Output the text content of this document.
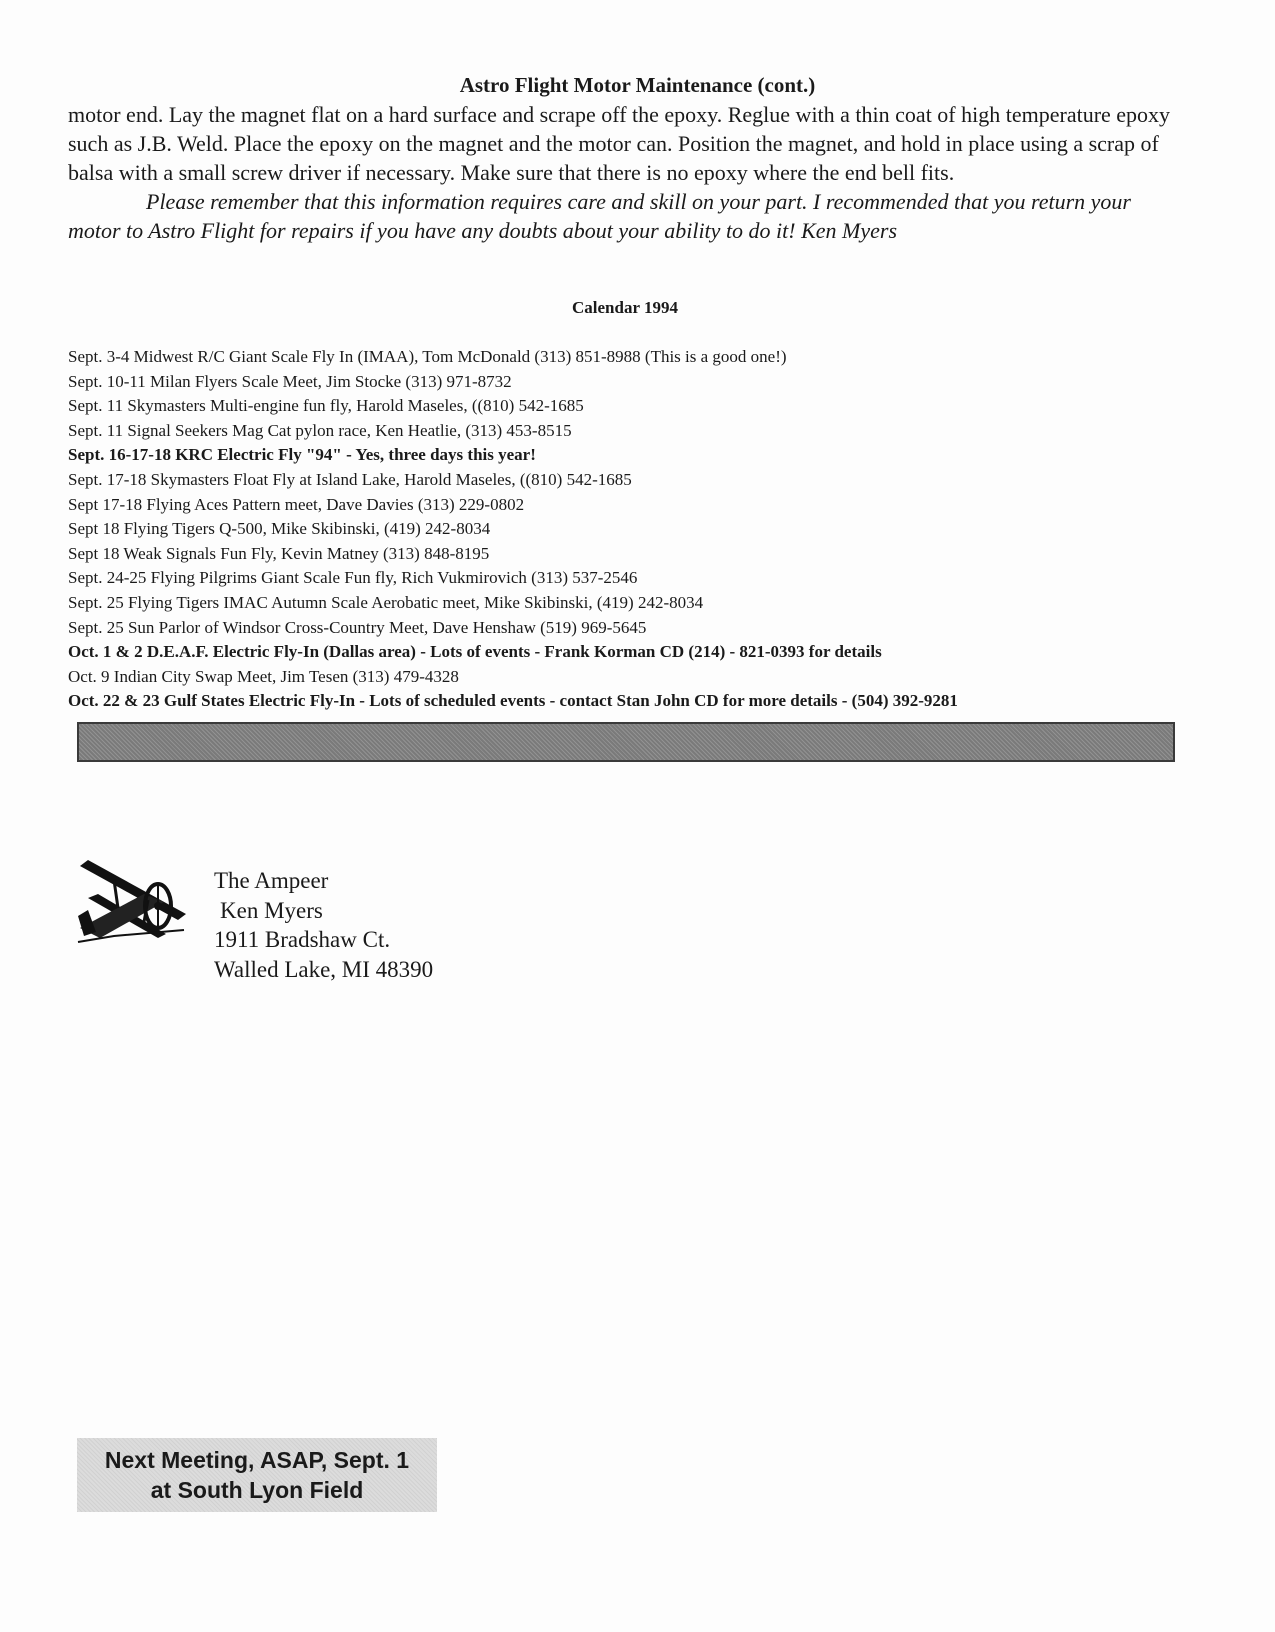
Astro Flight Motor Maintenance (cont.)

motor end. Lay the magnet flat on a hard surface and scrape off the epoxy. Reglue with a thin coat of high temperature epoxy such as J.B. Weld. Place the epoxy on the magnet and the motor can. Position the magnet, and hold in place using a scrap of balsa with a small screw driver if necessary. Make sure that there is no epoxy where the end bell fits.

Please remember that this information requires care and skill on your part. I recommended that you return your motor to Astro Flight for repairs if you have any doubts about your ability to do it! Ken Myers

Calendar 1994
Sept. 3-4 Midwest R/C Giant Scale Fly In (IMAA), Tom McDonald (313) 851-8988 (This is a good one!)
Sept. 10-11 Milan Flyers Scale Meet, Jim Stocke (313) 971-8732
Sept. 11 Skymasters Multi-engine fun fly, Harold Maseles, ((810) 542-1685
Sept. 11 Signal Seekers Mag Cat pylon race, Ken Heatlie, (313) 453-8515
Sept. 16-17-18 KRC Electric Fly "94" - Yes, three days this year!
Sept. 17-18 Skymasters Float Fly at Island Lake, Harold Maseles, ((810) 542-1685
Sept 17-18 Flying Aces Pattern meet, Dave Davies (313) 229-0802
Sept 18 Flying Tigers Q-500, Mike Skibinski, (419) 242-8034
Sept 18 Weak Signals Fun Fly, Kevin Matney (313) 848-8195
Sept. 24-25 Flying Pilgrims Giant Scale Fun fly, Rich Vukmirovich (313) 537-2546
Sept. 25 Flying Tigers IMAC Autumn Scale Aerobatic meet, Mike Skibinski, (419) 242-8034
Sept. 25 Sun Parlor of Windsor Cross-Country Meet, Dave Henshaw (519) 969-5645
Oct. 1 & 2 D.E.A.F. Electric Fly-In (Dallas area) - Lots of events - Frank Korman CD (214) - 821-0393 for details
Oct. 9 Indian City Swap Meet, Jim Tesen (313) 479-4328
Oct. 22 & 23 Gulf States Electric Fly-In - Lots of scheduled events - contact Stan John CD for more details - (504) 392-9281
The Ampeer
Ken Myers
1911 Bradshaw Ct.
Walled Lake, MI 48390
Next Meeting, ASAP, Sept. 1
at South Lyon Field
